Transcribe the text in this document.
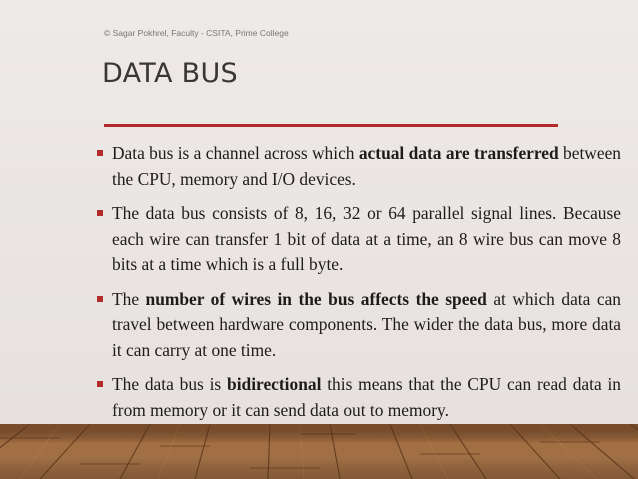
© Sagar Pokhrel, Faculty - CSITA, Prime College
DATA BUS
Data bus is a channel across which actual data are transferred between the CPU, memory and I/O devices.
The data bus consists of 8, 16, 32 or 64 parallel signal lines. Because each wire can transfer 1 bit of data at a time, an 8 wire bus can move 8 bits at a time which is a full byte.
The number of wires in the bus affects the speed at which data can travel between hardware components. The wider the data bus, more data it can carry at one time.
The data bus is bidirectional this means that the CPU can read data in from memory or it can send data out to memory.
